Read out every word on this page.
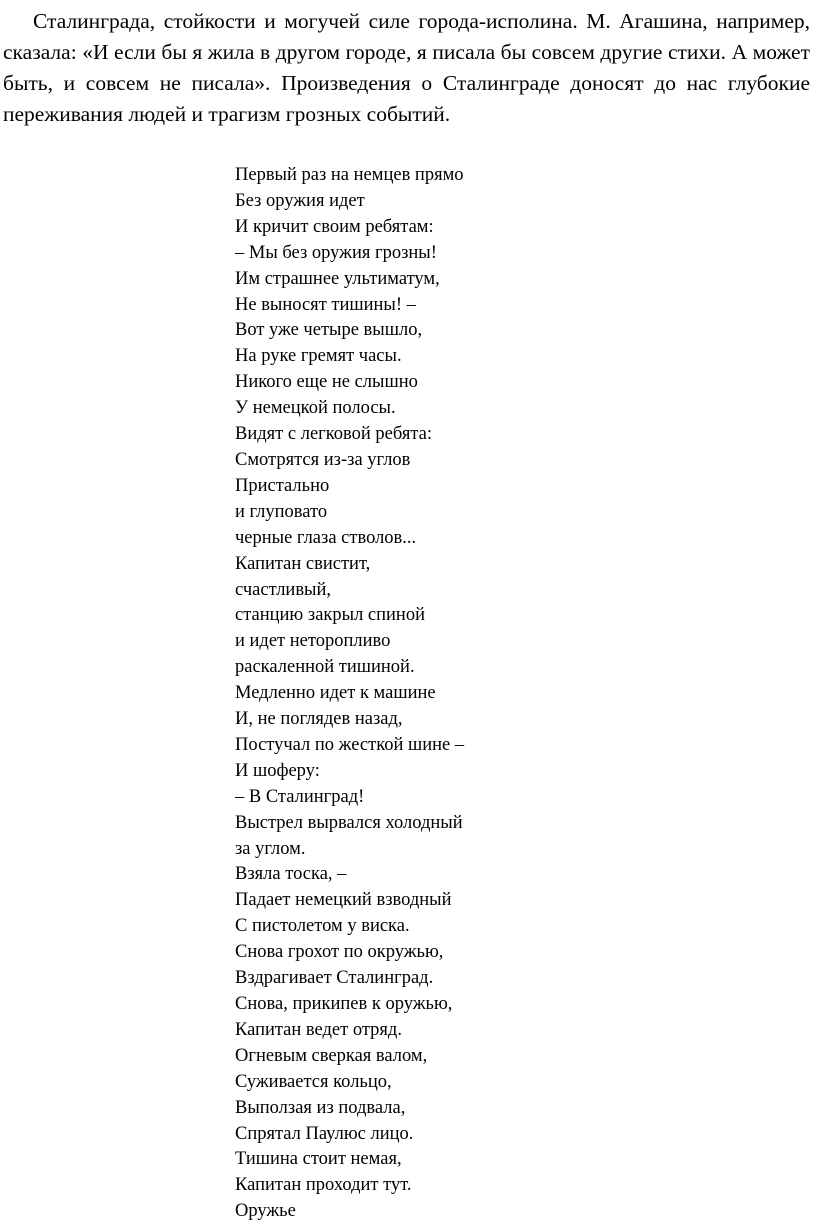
Сталинграда, стойкости и могучей силе города-исполина. М. Агашина, например, сказала: «И если бы я жила в другом городе, я писала бы совсем другие стихи. А может быть, и совсем не писала». Произведения о Сталинграде доносят до нас глубокие переживания людей и трагизм грозных событий.

Первый раз на немцев прямо
Без оружия идет
И кричит своим ребятам:
– Мы без оружия грозны!
Им страшнее ультиматум,
Не выносят тишины! –
Вот уже четыре вышло,
На руке гремят часы.
Никого еще не слышно
У немецкой полосы.
Видят с легковой ребята:
Смотрятся из-за углов
Пристально
и глуповато
черные глаза стволов...
Капитан свистит,
счастливый,
станцию закрыл спиной
и идет неторопливо
раскаленной тишиной.
Медленно идет к машине
И, не поглядев назад,
Постучал по жесткой шине –
И шоферу:
– В Сталинград!
Выстрел вырвался холодный
за углом.
Взяла тоска, –
Падает немецкий взводный
С пистолетом у виска.
Снова грохот по окружью,
Вздрагивает Сталинград.
Снова, прикипев к оружью,
Капитан ведет отряд.
Огневым сверкая валом,
Суживается кольцо,
Выползая из подвала,
Спрятал Паулюс лицо.
Тишина стоит немая,
Капитан проходит тут.
Оружье
